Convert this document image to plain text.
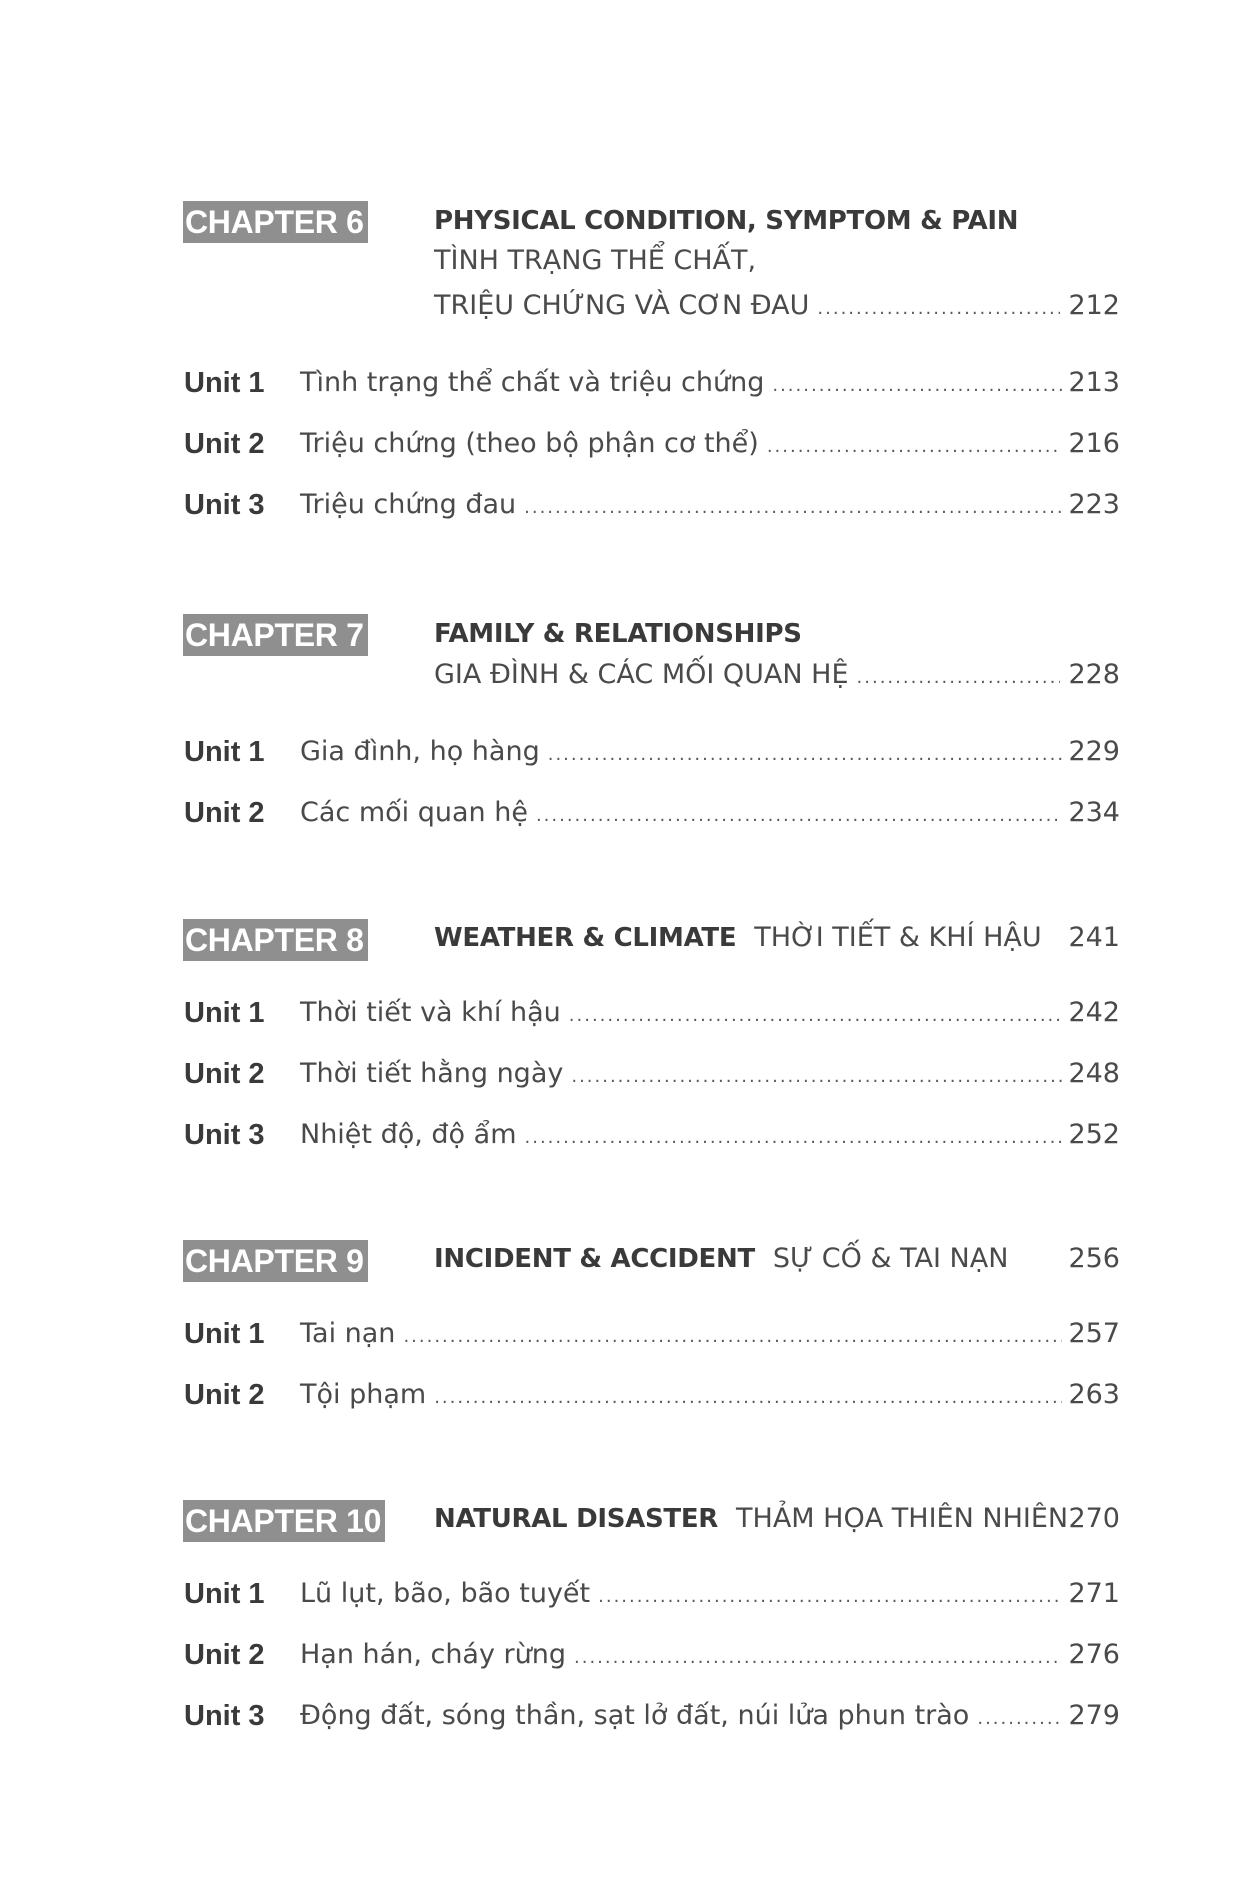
CHAPTER 6	PHYSICAL CONDITION, SYMPTOM & PAIN
TÌNH TRẠNG THỂ CHẤT,
TRIỆU CHỨNG VÀ CƠN ĐAU .....	212
Unit 1 Tình trạng thể chất và triệu chứng .....	213
Unit 2 Triệu chứng (theo bộ phận cơ thể) .....	216
Unit 3 Triệu chứng đau .....	223
CHAPTER 7	FAMILY & RELATIONSHIPS
GIA ĐÌNH & CÁC MỐI QUAN HỆ .....	228
Unit 1 Gia đình, họ hàng .....	229
Unit 2 Các mối quan hệ .....	234
CHAPTER 8	WEATHER & CLIMATE THỜI TIẾT & KHÍ HẬU 241
Unit 1 Thời tiết và khí hậu .....	242
Unit 2 Thời tiết hằng ngày .....	248
Unit 3 Nhiệt độ, độ ẩm .....	252
CHAPTER 9	INCIDENT & ACCIDENT SỰ CỐ & TAI NẠN 256
Unit 1 Tai nạn .....	257
Unit 2 Tội phạm .....	263
CHAPTER 10 NATURAL DISASTER THẢM HỌA THIÊN NHIÊN 270
Unit 1 Lũ lụt, bão, bão tuyết .....	271
Unit 2 Hạn hán, cháy rừng .....	276
Unit 3 Động đất, sóng thần, sạt lở đất, núi lửa phun trào .....	279
